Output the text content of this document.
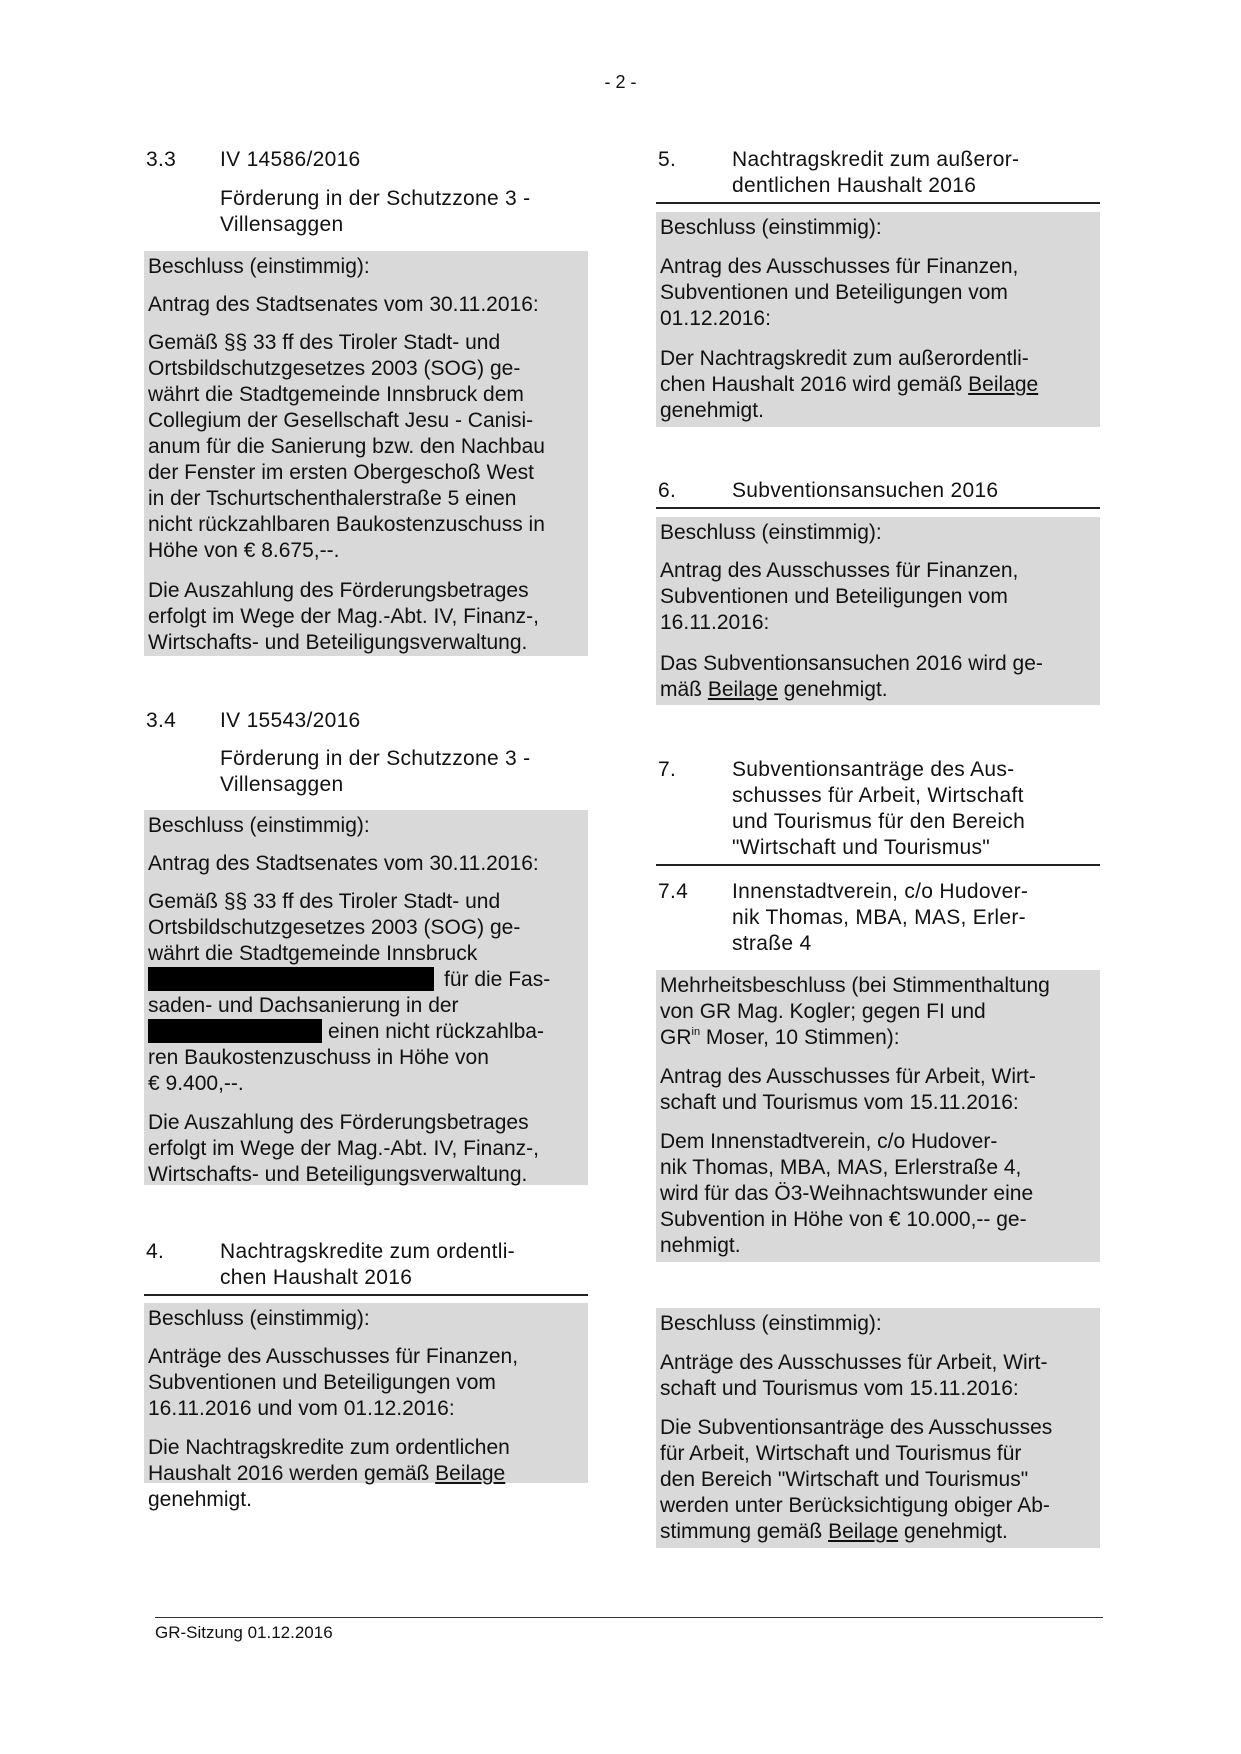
- 2 -
3.3 IV 14586/2016
Förderung in der Schutzzone 3 -
Villensaggen
Beschluss (einstimmig):
Antrag des Stadtsenates vom 30.11.2016:
Gemäß §§ 33 ff des Tiroler Stadt- und
Ortsbildschutzgesetzes 2003 (SOG) ge-
währt die Stadtgemeinde Innsbruck dem
Collegium der Gesellschaft Jesu - Canisi-
anum für die Sanierung bzw. den Nachbau
der Fenster im ersten Obergeschoß West
in der Tschurtschenthalerstraße 5 einen
nicht rückzahlbaren Baukostenzuschuss in
Höhe von € 8.675,--.
Die Auszahlung des Förderungsbetrages
erfolgt im Wege der Mag.-Abt. IV, Finanz-,
Wirtschafts- und Beteiligungsverwaltung.
3.4 IV 15543/2016
Förderung in der Schutzzone 3 -
Villensaggen
Beschluss (einstimmig):
Antrag des Stadtsenates vom 30.11.2016:
Gemäß §§ 33 ff des Tiroler Stadt- und
Ortsbildschutzgesetzes 2003 (SOG) ge-
währt die Stadtgemeinde Innsbruck
für die Fas-
saden- und Dachsanierung in der
einen nicht rückzahlba-
ren Baukostenzuschuss in Höhe von
€ 9.400,--.
Die Auszahlung des Förderungsbetrages
erfolgt im Wege der Mag.-Abt. IV, Finanz-,
Wirtschafts- und Beteiligungsverwaltung.
4.	Nachtragskredite zum ordentli-
chen Haushalt 2016
Beschluss (einstimmig):
Anträge des Ausschusses für Finanzen,
Subventionen und Beteiligungen vom
16.11.2016 und vom 01.12.2016:
Die Nachtragskredite zum ordentlichen
Haushalt 2016 werden gemäß Beilage
genehmigt.
5.	Nachtragskredit zum außeror-
dentlichen Haushalt 2016
Beschluss (einstimmig):
Antrag des Ausschusses für Finanzen,
Subventionen und Beteiligungen vom
01.12.2016:
Der Nachtragskredit zum außerordentli-
chen Haushalt 2016 wird gemäß Beilage
genehmigt.
6.	Subventionsansuchen 2016
Beschluss (einstimmig):
Antrag des Ausschusses für Finanzen,
Subventionen und Beteiligungen vom
16.11.2016:
Das Subventionsansuchen 2016 wird ge-
mäß Beilage genehmigt.
7.	Subventionsanträge des Aus-
schusses für Arbeit, Wirtschaft
und Tourismus für den Bereich
"Wirtschaft und Tourismus"
7.4 Innenstadtverein, c/o Hudover-
nik Thomas, MBA, MAS, Erler-
straße 4
Mehrheitsbeschluss (bei Stimmenthaltung
von GR Mag. Kogler; gegen FI und
$GR^{in}$ Moser, 10 Stimmen):
Antrag des Ausschusses für Arbeit, Wirt-
schaft und Tourismus vom 15.11.2016:
Dem Innenstadtverein, c/o Hudover-
nik Thomas, MBA, MAS, Erlerstraße 4,
wird für das Ö3-Weihnachtswunder eine
Subvention in Höhe von € 10.000,-- ge-
nehmigt.
Beschluss (einstimmig):
Anträge des Ausschusses für Arbeit, Wirt-
schaft und Tourismus vom 15.11.2016:
Die Subventionsanträge des Ausschusses
für Arbeit, Wirtschaft und Tourismus für
den Bereich "Wirtschaft und Tourismus"
werden unter Berücksichtigung obiger Ab-
stimmung gemäß Beilage genehmigt.
GR-Sitzung 01.12.2016
